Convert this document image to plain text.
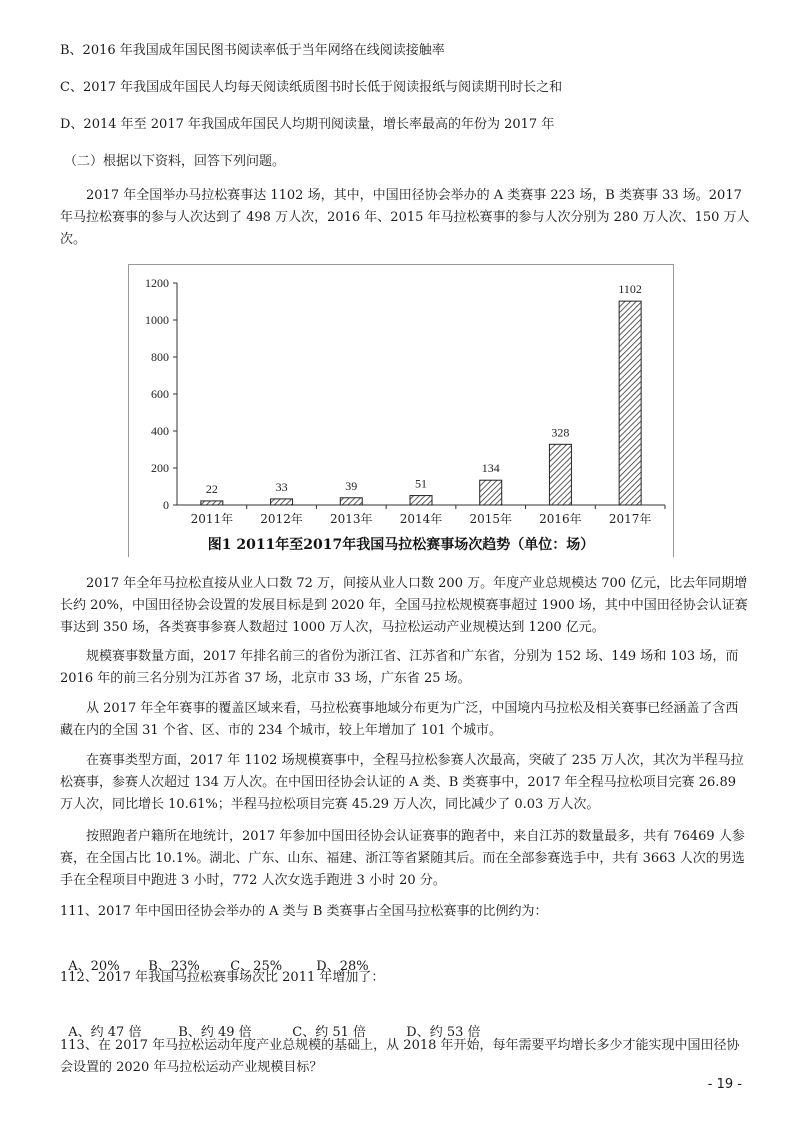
B、2016 年我国成年国民图书阅读率低于当年网络在线阅读接触率
C、2017 年我国成年国民人均每天阅读纸质图书时长低于阅读报纸与阅读期刊时长之和
D、2014 年至 2017 年我国成年国民人均期刊阅读量，增长率最高的年份为 2017 年
（二）根据以下资料，回答下列问题。
2017 年全国举办马拉松赛事达 1102 场，其中，中国田径协会举办的 A 类赛事 223 场，B 类赛事 33 场。2017 年马拉松赛事的参与人次达到了 498 万人次，2016 年、2015 年马拉松赛事的参与人次分别为 280 万人次、150 万人次。
0
200
400
600
800
1000
1200
22
2011年
33
2012年
39
2013年
51
2014年
134
2015年
328
2016年
1102
2017年
图1 2011年至2017年我国马拉松赛事场次趋势（单位：场）
2017 年全年马拉松直接从业人口数 72 万，间接从业人口数 200 万。年度产业总规模达 700 亿元，比去年同期增长约 20%，中国田径协会设置的发展目标是到 2020 年，全国马拉松规模赛事超过 1900 场，其中中国田径协会认证赛事达到 350 场，各类赛事参赛人数超过 1000 万人次，马拉松运动产业规模达到 1200 亿元。
规模赛事数量方面，2017 年排名前三的省份为浙江省、江苏省和广东省，分别为 152 场、149 场和 103 场，而 2016 年的前三名分别为江苏省 37 场，北京市 33 场，广东省 25 场。
从 2017 年全年赛事的覆盖区域来看，马拉松赛事地域分布更为广泛，中国境内马拉松及相关赛事已经涵盖了含西藏在内的全国 31 个省、区、市的 234 个城市，较上年增加了 101 个城市。
在赛事类型方面，2017 年 1102 场规模赛事中，全程马拉松参赛人次最高，突破了 235 万人次，其次为半程马拉松赛事，参赛人次超过 134 万人次。在中国田径协会认证的 A 类、B 类赛事中，2017 年全程马拉松项目完赛 26.89 万人次，同比增长 10.61%；半程马拉松项目完赛 45.29 万人次，同比减少了 0.03 万人次。
按照跑者户籍所在地统计，2017 年参加中国田径协会认证赛事的跑者中，来自江苏的数量最多，共有 76469 人参赛，在全国占比 10.1%。湖北、广东、山东、福建、浙江等省紧随其后。而在全部参赛选手中，共有 3663 人次的男选手在全程项目中跑进 3 小时，772 人次女选手跑进 3 小时 20 分。
111、2017 年中国田径协会举办的 A 类与 B 类赛事占全国马拉松赛事的比例约为：

A、20% B、23% C、25%	D、28%

112、2017 年我国马拉松赛事场次比 2011 年增加了：

A、约 47 倍	B、约 49 倍	C、约 51 倍	D、约 53 倍

113、在 2017 年马拉松运动年度产业总规模的基础上，从 2018 年开始，每年需要平均增长多少才能实现中国田径协会设置的 2020 年马拉松运动产业规模目标？
- 19 -
